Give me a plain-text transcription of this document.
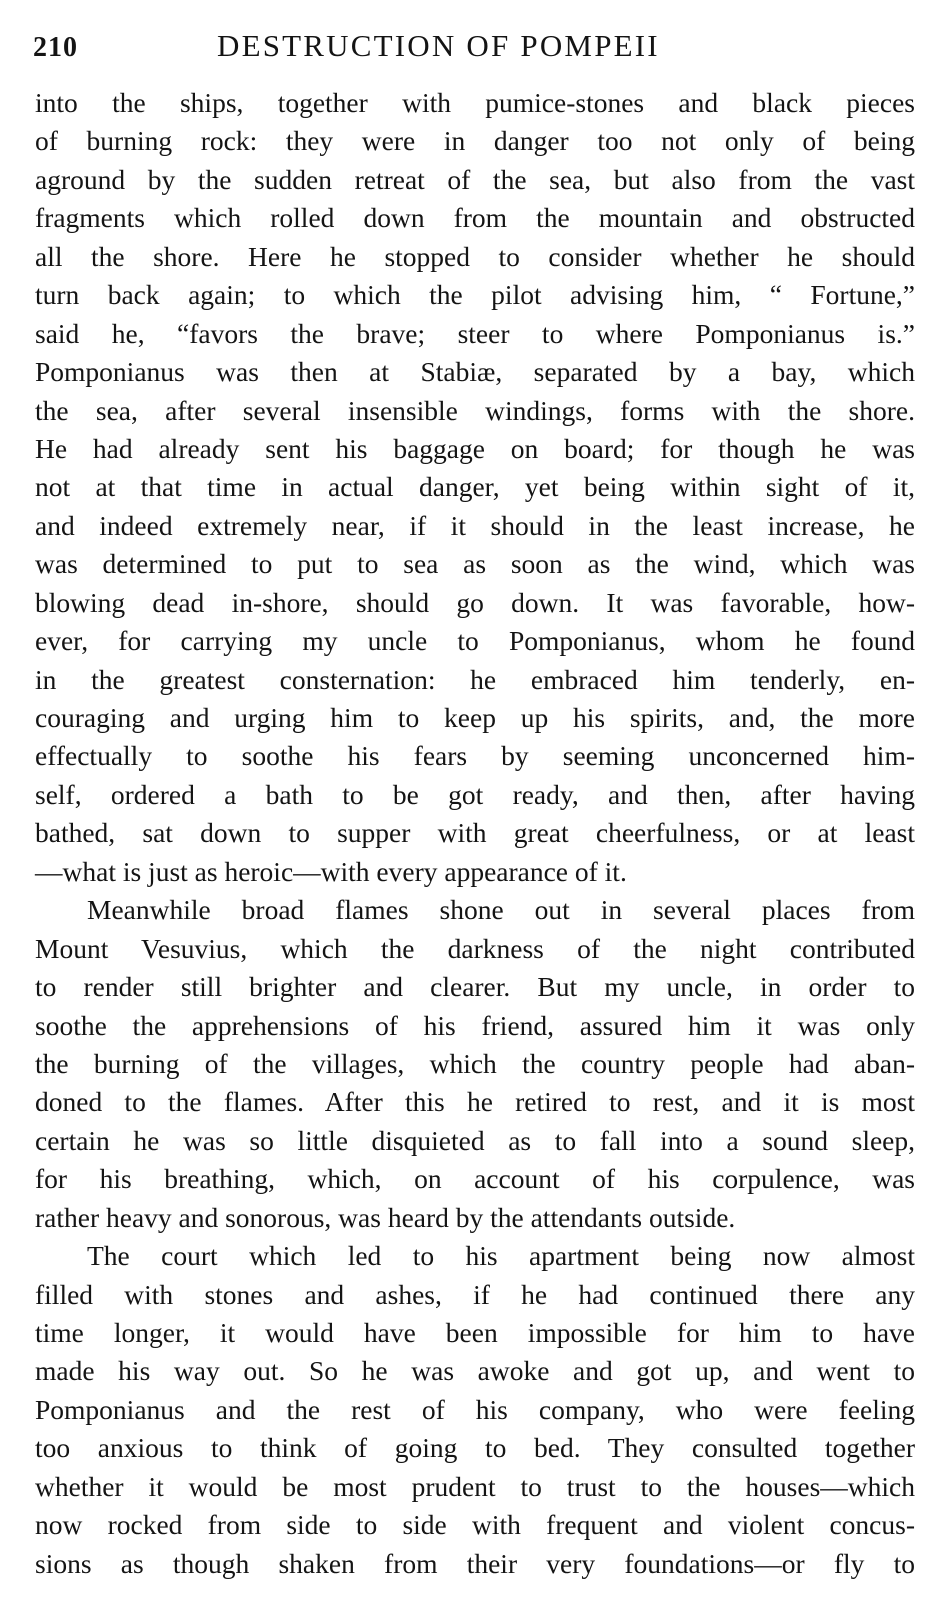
210	DESTRUCTION OF POMPEII
into the ships, together with pumice-stones and black pieces
of burning rock: they were in danger too not only of being
aground by the sudden retreat of the sea, but also from the vast
fragments which rolled down from the mountain and obstructed
all the shore. Here he stopped to consider whether he should
turn back again; to which the pilot advising him, “ Fortune,”
said he, “favors the brave; steer to where Pomponianus is.”
Pomponianus was then at Stabiæ, separated by a bay, which
the sea, after several insensible windings, forms with the shore.
He had already sent his baggage on board; for though he was
not at that time in actual danger, yet being within sight of it,
and indeed extremely near, if it should in the least increase, he
was determined to put to sea as soon as the wind, which was
blowing dead in-shore, should go down. It was favorable, how-
ever, for carrying my uncle to Pomponianus, whom he found
in the greatest consternation: he embraced him tenderly, en-
couraging and urging him to keep up his spirits, and, the more
effectually to soothe his fears by seeming unconcerned him-
self, ordered a bath to be got ready, and then, after having
bathed, sat down to supper with great cheerfulness, or at least
—what is just as heroic—with every appearance of it.
Meanwhile broad flames shone out in several places from
Mount Vesuvius, which the darkness of the night contributed
to render still brighter and clearer. But my uncle, in order to
soothe the apprehensions of his friend, assured him it was only
the burning of the villages, which the country people had aban-
doned to the flames. After this he retired to rest, and it is most
certain he was so little disquieted as to fall into a sound sleep,
for his breathing, which, on account of his corpulence, was
rather heavy and sonorous, was heard by the attendants outside.
The court which led to his apartment being now almost
filled with stones and ashes, if he had continued there any
time longer, it would have been impossible for him to have
made his way out. So he was awoke and got up, and went to
Pomponianus and the rest of his company, who were feeling
too anxious to think of going to bed. They consulted together
whether it would be most prudent to trust to the houses—which
now rocked from side to side with frequent and violent concus-
sions as though shaken from their very foundations—or fly to
